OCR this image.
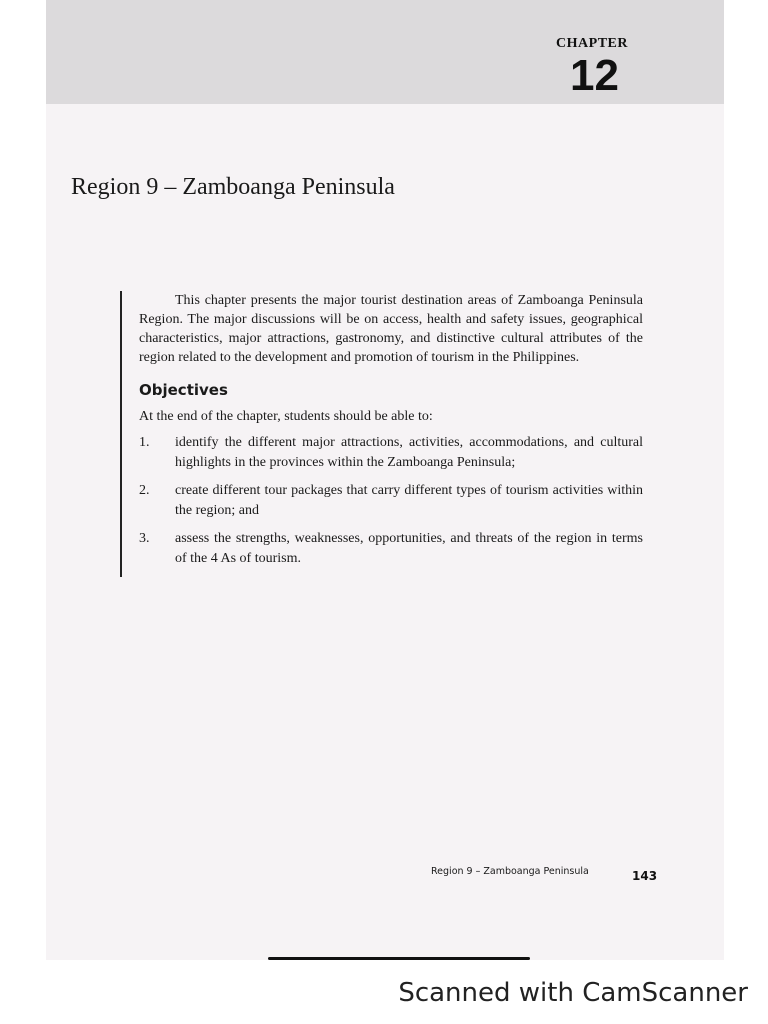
CHAPTER
12
Region 9 – Zamboanga Peninsula

This chapter presents the major tourist destination areas of Zamboanga Peninsula Region. The major discussions will be on access, health and safety issues, geographical characteristics, major attractions, gastronomy, and distinctive cultural attributes of the region related to the development and promotion of tourism in the Philippines.

Objectives

At the end of the chapter, students should be able to:

1.	identify the different major attractions, activities, accommodations, and cultural highlights in the provinces within the Zamboanga Peninsula;
2.	create different tour packages that carry different types of tourism activities within the region; and
3.	assess the strengths, weaknesses, opportunities, and threats of the region in terms of the 4 As of tourism.
Region 9 – Zamboanga Peninsula	143
Scanned with CamScanner
